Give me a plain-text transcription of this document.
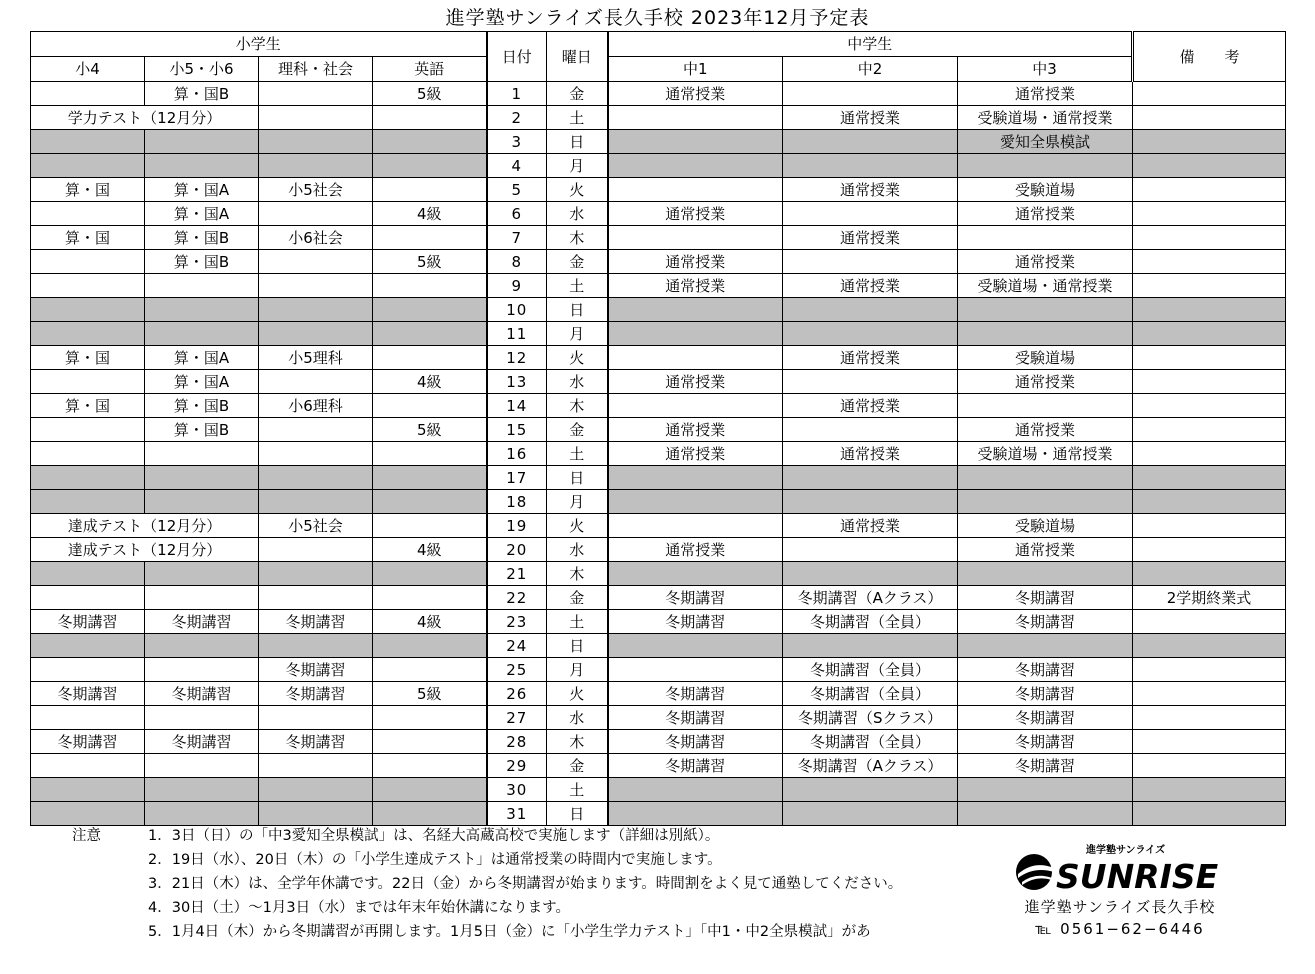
進学塾サンライズ長久手校 2023年12月予定表
小学生				日付	曜日	中学生			備　　考
小4	小5・小6	理科・社会	英語			中1	中2	中3	
	算・国B		5級	1	金	通常授業		通常授業	
学力テスト（12月分）				2	土		通常授業	受験道場・通常授業	
				3	日			愛知全県模試	
				4	月				
算・国	算・国A	小5社会		5	火		通常授業	受験道場	
	算・国A		4級	6	水	通常授業		通常授業	
算・国	算・国B	小6社会		7	木		通常授業		
	算・国B		5級	8	金	通常授業		通常授業	
				9	土	通常授業	通常授業	受験道場・通常授業	
				10	日				
				11	月				
算・国	算・国A	小5理科		12	火		通常授業	受験道場	
	算・国A		4級	13	水	通常授業		通常授業	
算・国	算・国B	小6理科		14	木		通常授業		
	算・国B		5級	15	金	通常授業		通常授業	
				16	土	通常授業	通常授業	受験道場・通常授業	
				17	日				
				18	月				
達成テスト（12月分）		小5社会		19	火		通常授業	受験道場	
達成テスト（12月分）			4級	20	水	通常授業		通常授業	
				21	木				
				22	金	冬期講習	冬期講習（Aクラス）	冬期講習	2学期終業式
冬期講習	冬期講習	冬期講習	4級	23	土	冬期講習	冬期講習（全員）	冬期講習	
				24	日				
		冬期講習		25	月		冬期講習（全員）	冬期講習	
冬期講習	冬期講習	冬期講習	5級	26	火	冬期講習	冬期講習（全員）	冬期講習	
				27	水	冬期講習	冬期講習（Sクラス）	冬期講習	
冬期講習	冬期講習	冬期講習		28	木	冬期講習	冬期講習（全員）	冬期講習	
				29	金	冬期講習	冬期講習（Aクラス）	冬期講習	
				30	土				
				31	日				
注意	1．3日（日）の「中3愛知全県模試」は、名経大高蔵高校で実施します（詳細は別紙）。
2．19日（水）、20日（木）の「小学生達成テスト」は通常授業の時間内で実施します。
3．21日（木）は、全学年休講です。22日（金）から冬期講習が始まります。時間割をよく見て通塾してください。
4．30日（土）～1月3日（水）までは年末年始休講になります。
5．1月4日（木）から冬期講習が再開します。1月5日（金）に「小学生学力テスト」「中1・中2全県模試」があ
進学塾サンライズ
SUNRISE
進学塾サンライズ長久手校
℡ 0561−62−6446
